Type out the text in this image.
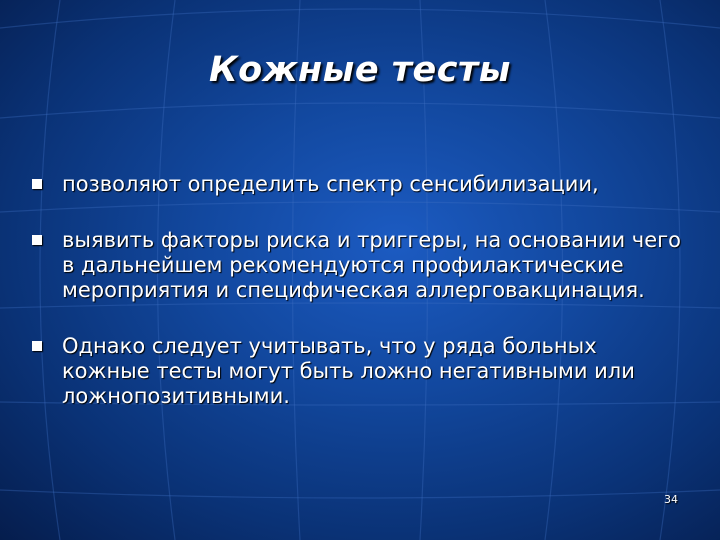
Кожные тесты
позволяют определить спектр сенсибилизации,
выявить факторы риска и триггеры, на основании чего в дальнейшем рекомендуются профилактические мероприятия и специфическая аллерговакцинация.
Однако следует учитывать, что у ряда больных кожные тесты могут быть ложно негативными или ложнопозитивными.
34
